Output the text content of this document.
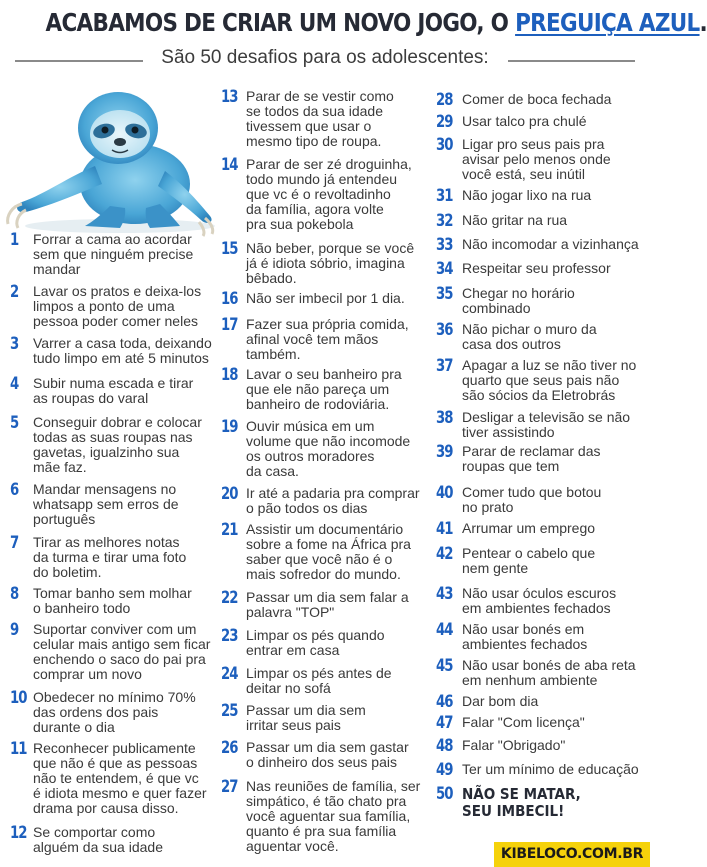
ACABAMOS DE CRIAR UM NOVO JOGO, O PREGUIÇA AZUL.
São 50 desafios para os adolescentes:
1 Forrar a cama ao acordar
sem que ninguém precise
mandar
2 Lavar os pratos e deixa-los
limpos a ponto de uma
pessoa poder comer neles
3 Varrer a casa toda, deixando
tudo limpo em até 5 minutos
4 Subir numa escada e tirar
as roupas do varal
5 Conseguir dobrar e colocar
todas as suas roupas nas
gavetas, igualzinho sua
mãe faz.
6 Mandar mensagens no
whatsapp sem erros de
português
7 Tirar as melhores notas
da turma e tirar uma foto
do boletim.
8 Tomar banho sem molhar
o banheiro todo
9 Suportar conviver com um
celular mais antigo sem ficar
enchendo o saco do pai pra
comprar um novo
10 Obedecer no mínimo 70%
das ordens dos pais
durante o dia
11 Reconhecer publicamente
que não é que as pessoas
não te entendem, é que vc
é idiota mesmo e quer fazer
drama por causa disso.
12 Se comportar como
alguém da sua idade
13 Parar de se vestir como
se todos da sua idade
tivessem que usar o
mesmo tipo de roupa.
14 Parar de ser zé droguinha,
todo mundo já entendeu
que vc é o revoltadinho
da família, agora volte
pra sua pokebola
15 Não beber, porque se você
já é idiota sóbrio, imagina
bêbado.
16 Não ser imbecil por 1 dia.
17 Fazer sua própria comida,
afinal você tem mãos
também.
18 Lavar o seu banheiro pra
que ele não pareça um
banheiro de rodoviária.
19 Ouvir música em um
volume que não incomode
os outros moradores
da casa.
20 Ir até a padaria pra comprar
o pão todos os dias
21 Assistir um documentário
sobre a fome na África pra
saber que você não é o
mais sofredor do mundo.
22 Passar um dia sem falar a
palavra "TOP"
23 Limpar os pés quando
entrar em casa
24 Limpar os pés antes de
deitar no sofá
25 Passar um dia sem
irritar seus pais
26 Passar um dia sem gastar
o dinheiro dos seus pais
27 Nas reuniões de família, ser
simpático, é tão chato pra
você aguentar sua família,
quanto é pra sua família
aguentar você.
28 Comer de boca fechada
29 Usar talco pra chulé
30 Ligar pro seus pais pra
avisar pelo menos onde
você está, seu inútil
31 Não jogar lixo na rua
32 Não gritar na rua
33 Não incomodar a vizinhança
34 Respeitar seu professor
35 Chegar no horário
combinado
36 Não pichar o muro da
casa dos outros
37 Apagar a luz se não tiver no
quarto que seus pais não
são sócios da Eletrobrás
38 Desligar a televisão se não
tiver assistindo
39 Parar de reclamar das
roupas que tem
40 Comer tudo que botou
no prato
41 Arrumar um emprego
42 Pentear o cabelo que
nem gente
43 Não usar óculos escuros
em ambientes fechados
44 Não usar bonés em
ambientes fechados
45 Não usar bonés de aba reta
em nenhum ambiente
46 Dar bom dia
47 Falar "Com licença"
48 Falar "Obrigado"
49 Ter um mínimo de educação
50 NÃO SE MATAR,
SEU IMBECIL!
KIBELOCO.COM.BR
